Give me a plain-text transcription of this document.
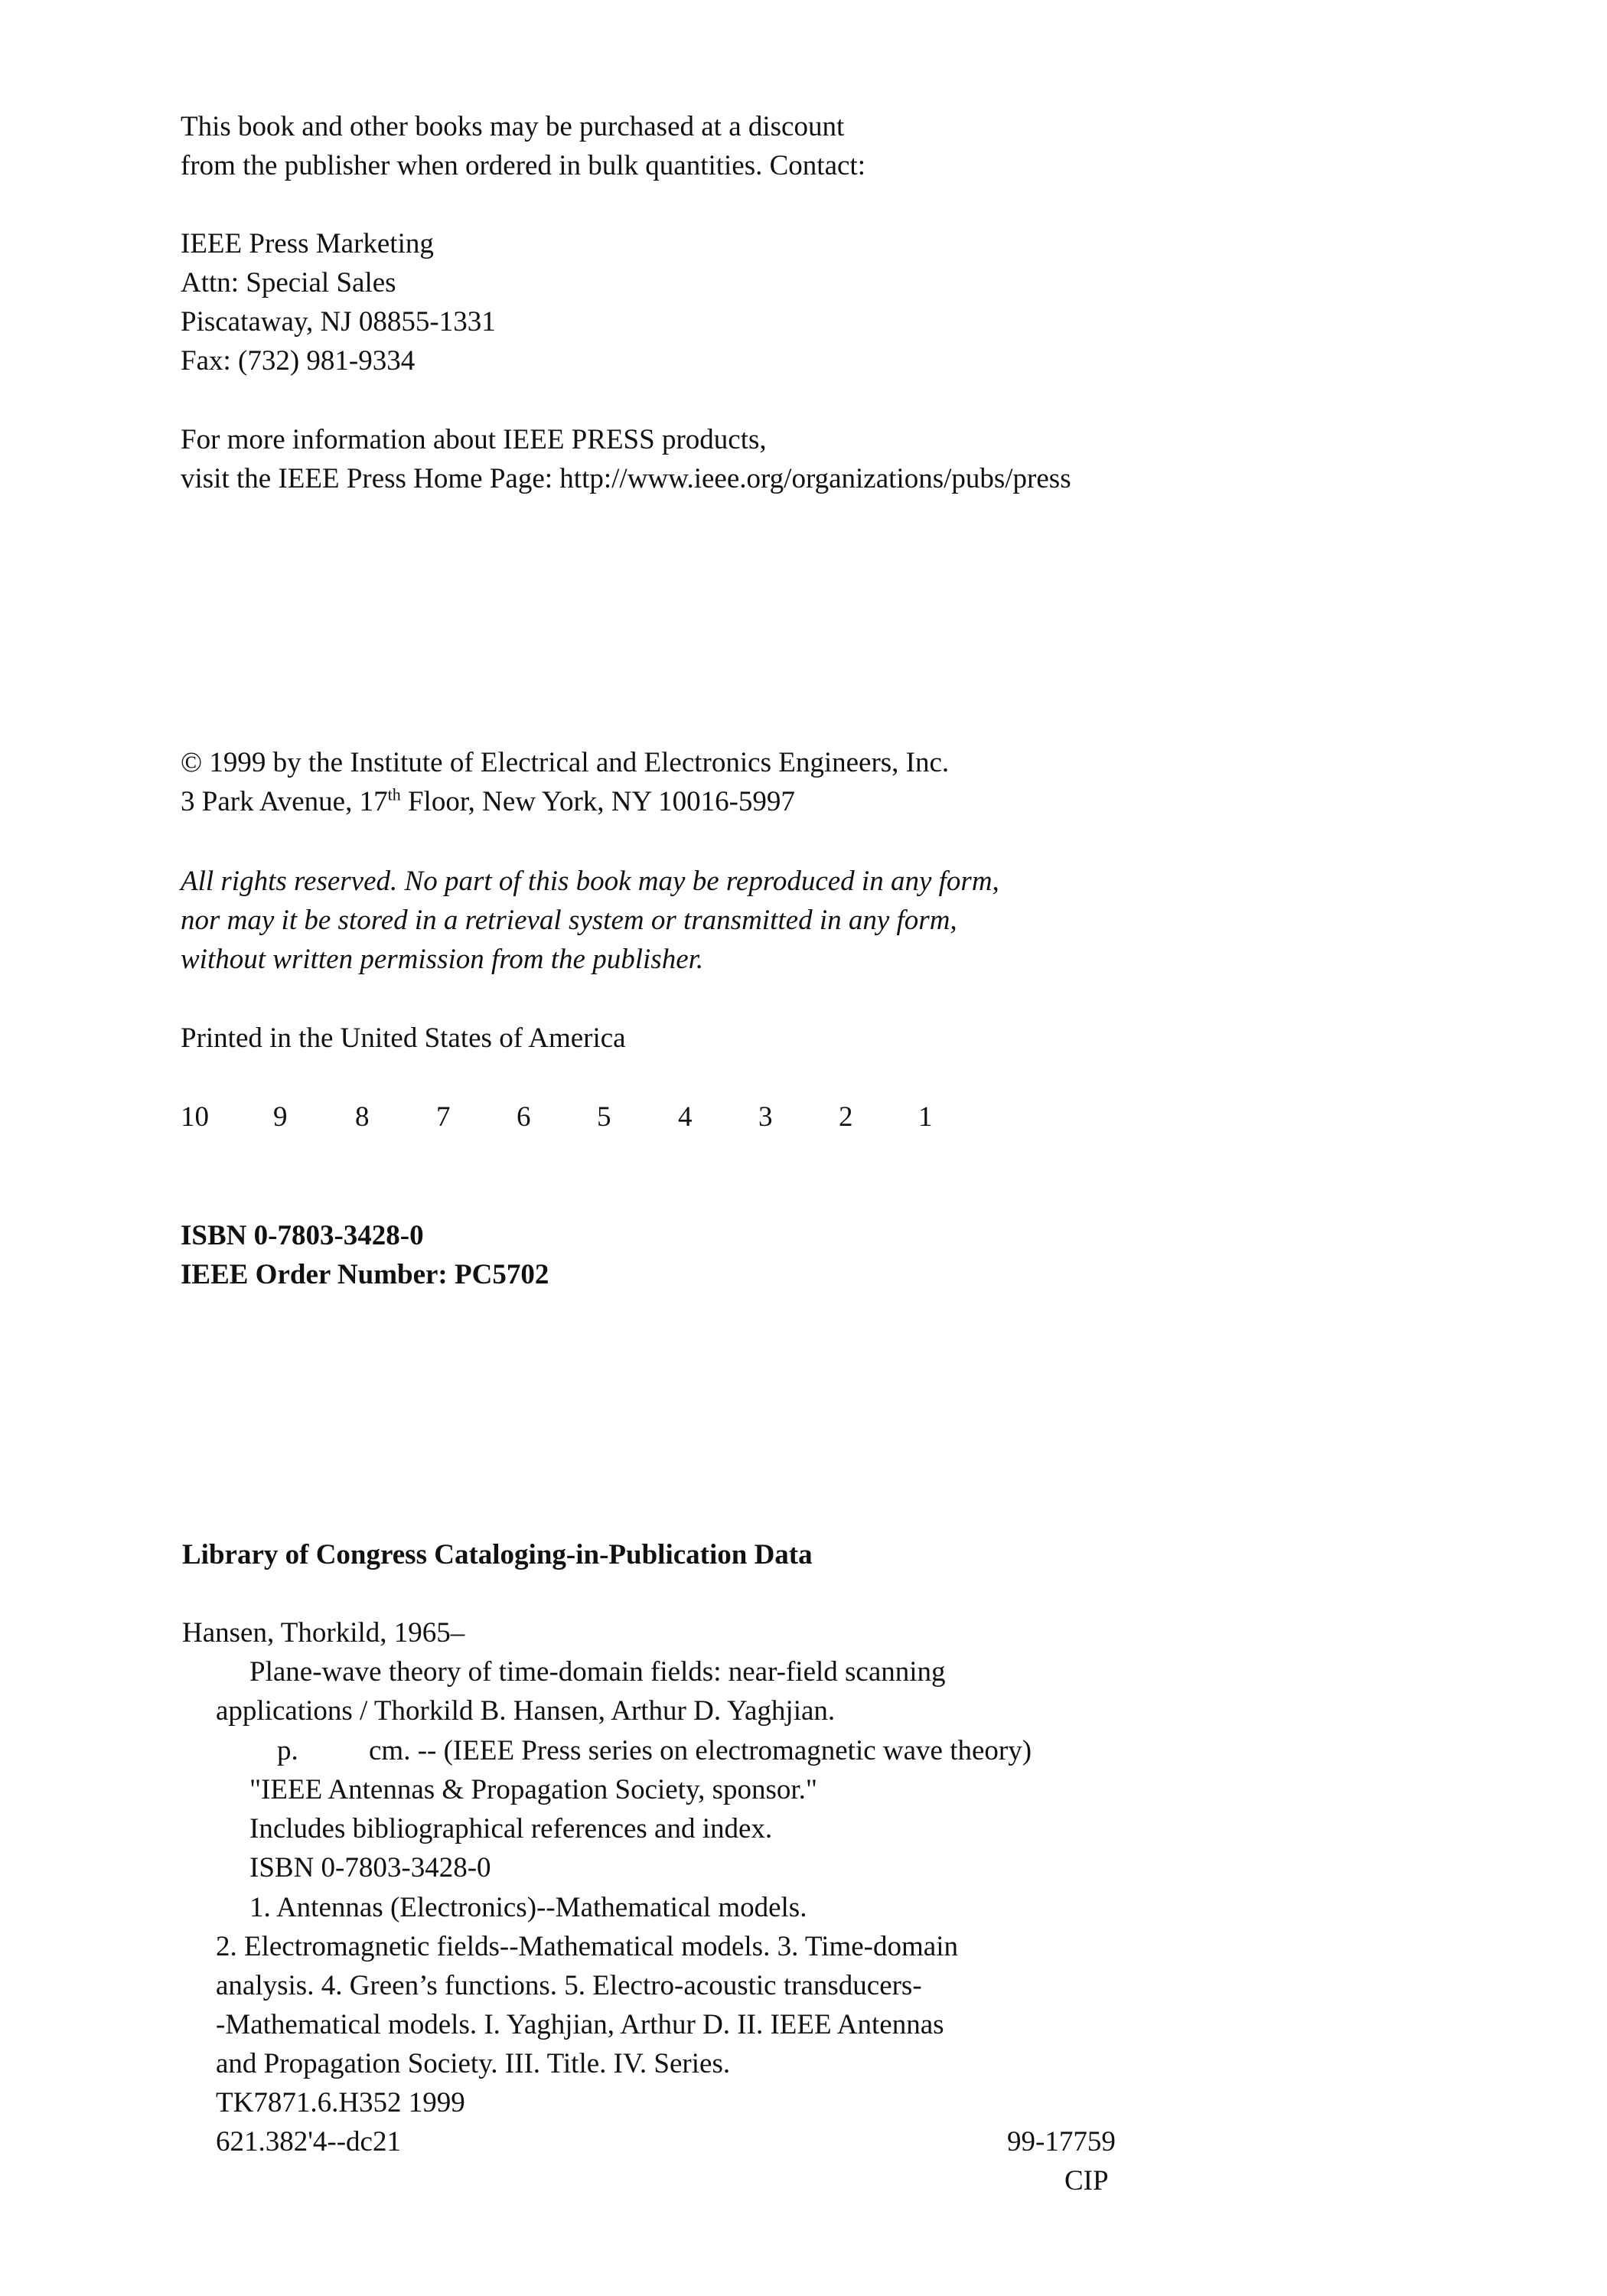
This book and other books may be purchased at a discount

from the publisher when ordered in bulk quantities. Contact:

IEEE Press Marketing

Attn: Special Sales

Piscataway, NJ 08855-1331

Fax: (732) 981-9334

For more information about IEEE PRESS products,

visit the IEEE Press Home Page: http://www.ieee.org/organizations/pubs/press

© 1999 by the Institute of Electrical and Electronics Engineers, Inc.

3 Park Avenue, 17th Floor, New York, NY 10016-5997

All rights reserved. No part of this book may be reproduced in any form,

nor may it be stored in a retrieval system or transmitted in any form,

without written permission from the publisher.

Printed in the United States of America

10 9 8 7 6 5 4 3 2 1

ISBN 0-7803-3428-0

IEEE Order Number: PC5702

Library of Congress Cataloging-in-Publication Data
Hansen, Thorkild, 1965–
Plane-wave theory of time-domain fields: near-field scanning
applications / Thorkild B. Hansen, Arthur D. Yaghjian.
p. cm. -- (IEEE Press series on electromagnetic wave theory)
"IEEE Antennas & Propagation Society, sponsor."
Includes bibliographical references and index.
ISBN 0-7803-3428-0
1. Antennas (Electronics)--Mathematical models.
2. Electromagnetic fields--Mathematical models. 3. Time-domain
analysis. 4. Green’s functions. 5. Electro-acoustic transducers-
-Mathematical models. I. Yaghjian, Arthur D. II. IEEE Antennas
and Propagation Society. III. Title. IV. Series.
TK7871.6.H352 1999
621.382'4--dc21	99-17759
CIP
